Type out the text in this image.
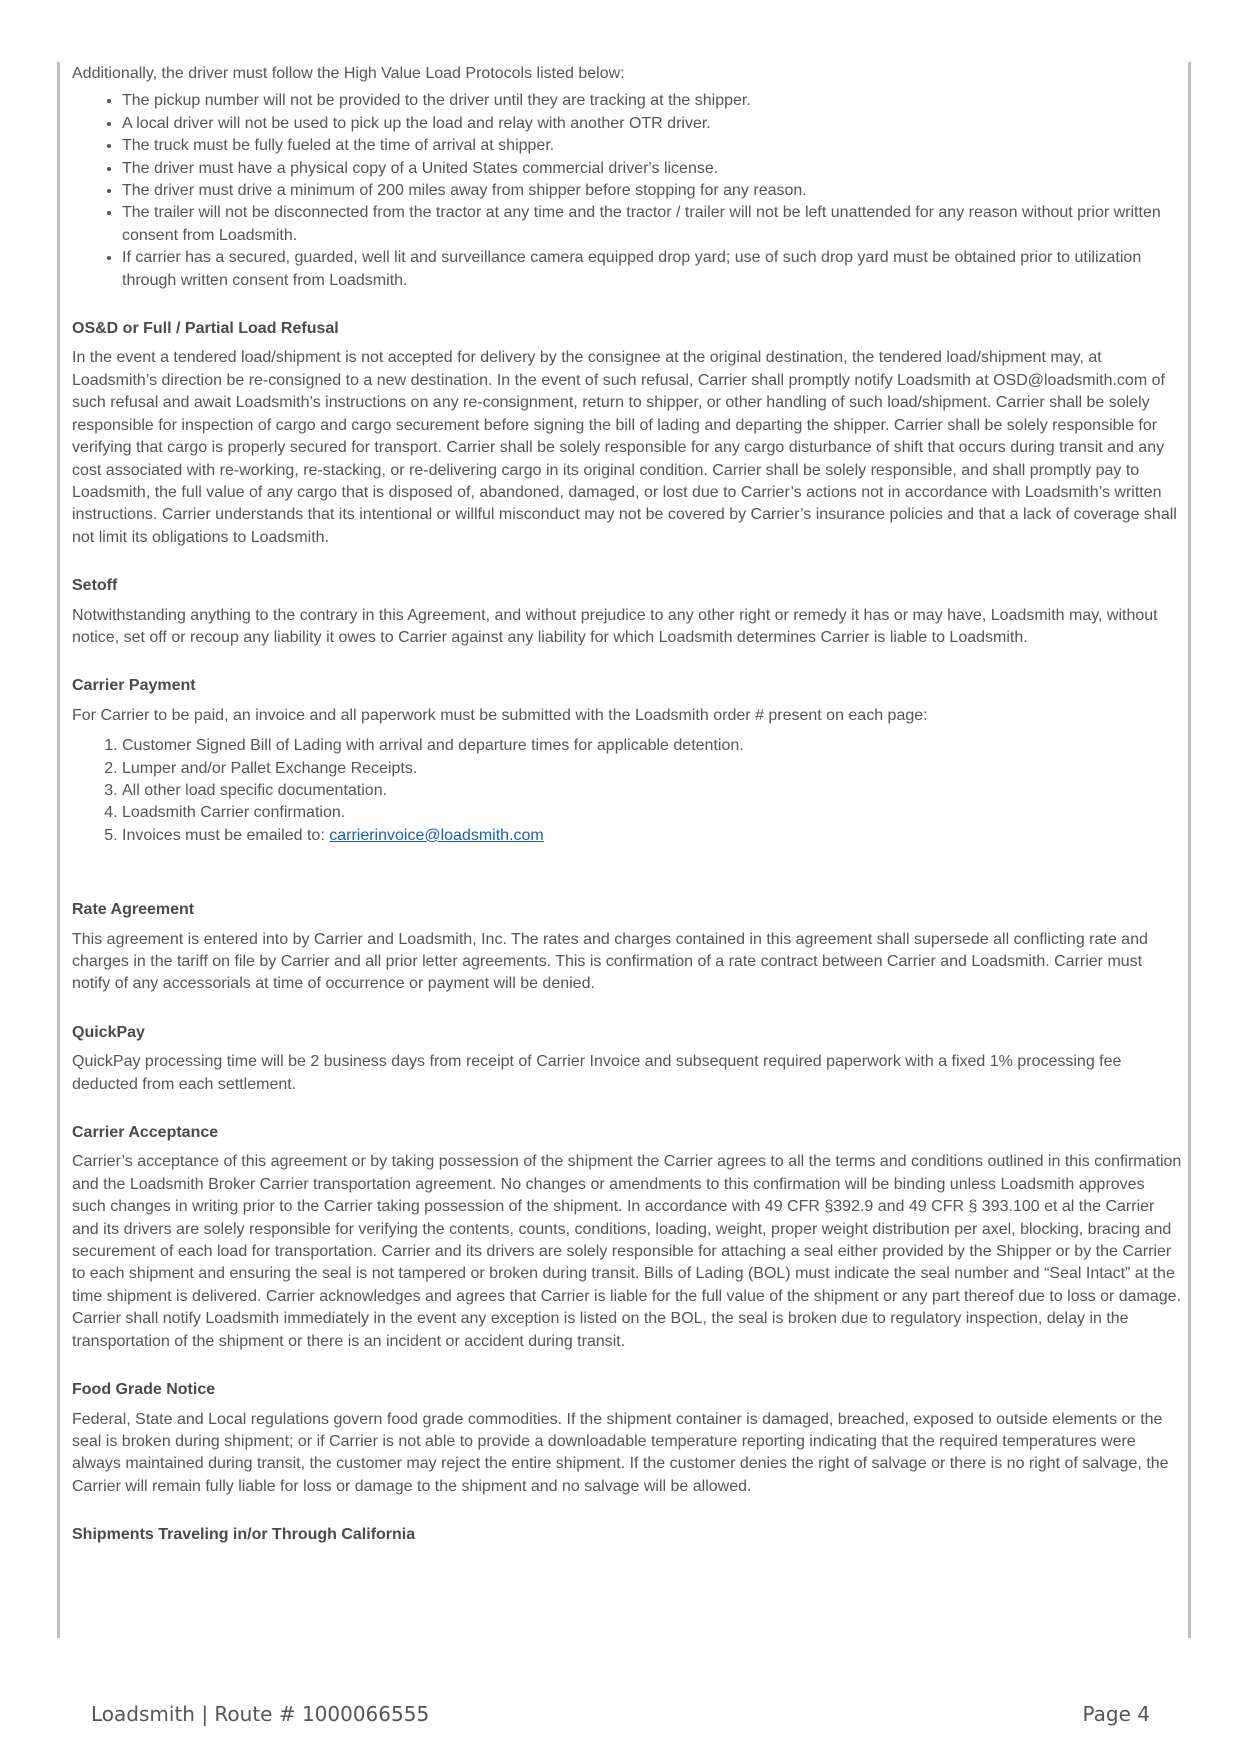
Additionally, the driver must follow the High Value Load Protocols listed below:

• The pickup number will not be provided to the driver until they are tracking at the shipper.
• A local driver will not be used to pick up the load and relay with another OTR driver.
• The truck must be fully fueled at the time of arrival at shipper.
• The driver must have a physical copy of a United States commercial driver's license.
• The driver must drive a minimum of 200 miles away from shipper before stopping for any reason.
• The trailer will not be disconnected from the tractor at any time and the tractor / trailer will not be left unattended for any reason without prior written consent from Loadsmith.
• If carrier has a secured, guarded, well lit and surveillance camera equipped drop yard; use of such drop yard must be obtained prior to utilization through written consent from Loadsmith.
OS&D or Full / Partial Load Refusal

In the event a tendered load/shipment is not accepted for delivery by the consignee at the original destination, the tendered load/shipment may, at Loadsmith’s direction be re-consigned to a new destination. In the event of such refusal, Carrier shall promptly notify Loadsmith at OSD@loadsmith.com of such refusal and await Loadsmith’s instructions on any re-consignment, return to shipper, or other handling of such load/shipment. Carrier shall be solely responsible for inspection of cargo and cargo securement before signing the bill of lading and departing the shipper. Carrier shall be solely responsible for verifying that cargo is properly secured for transport. Carrier shall be solely responsible for any cargo disturbance of shift that occurs during transit and any cost associated with re-working, re-stacking, or re-delivering cargo in its original condition. Carrier shall be solely responsible, and shall promptly pay to Loadsmith, the full value of any cargo that is disposed of, abandoned, damaged, or lost due to Carrier’s actions not in accordance with Loadsmith’s written instructions. Carrier understands that its intentional or willful misconduct may not be covered by Carrier’s insurance policies and that a lack of coverage shall not limit its obligations to Loadsmith.

Setoff

Notwithstanding anything to the contrary in this Agreement, and without prejudice to any other right or remedy it has or may have, Loadsmith may, without notice, set off or recoup any liability it owes to Carrier against any liability for which Loadsmith determines Carrier is liable to Loadsmith.

Carrier Payment

For Carrier to be paid, an invoice and all paperwork must be submitted with the Loadsmith order # present on each page:

1. Customer Signed Bill of Lading with arrival and departure times for applicable detention.
2. Lumper and/or Pallet Exchange Receipts.
3. All other load specific documentation.
4. Loadsmith Carrier confirmation.
5. Invoices must be emailed to: carrierinvoice@loadsmith.com
Rate Agreement

This agreement is entered into by Carrier and Loadsmith, Inc. The rates and charges contained in this agreement shall supersede all conflicting rate and charges in the tariff on file by Carrier and all prior letter agreements. This is confirmation of a rate contract between Carrier and Loadsmith. Carrier must notify of any accessorials at time of occurrence or payment will be denied.

QuickPay

QuickPay processing time will be 2 business days from receipt of Carrier Invoice and subsequent required paperwork with a fixed 1% processing fee deducted from each settlement.

Carrier Acceptance

Carrier’s acceptance of this agreement or by taking possession of the shipment the Carrier agrees to all the terms and conditions outlined in this confirmation and the Loadsmith Broker Carrier transportation agreement. No changes or amendments to this confirmation will be binding unless Loadsmith approves such changes in writing prior to the Carrier taking possession of the shipment. In accordance with 49 CFR §392.9 and 49 CFR § 393.100 et al the Carrier and its drivers are solely responsible for verifying the contents, counts, conditions, loading, weight, proper weight distribution per axel, blocking, bracing and securement of each load for transportation. Carrier and its drivers are solely responsible for attaching a seal either provided by the Shipper or by the Carrier to each shipment and ensuring the seal is not tampered or broken during transit. Bills of Lading (BOL) must indicate the seal number and “Seal Intact” at the time shipment is delivered. Carrier acknowledges and agrees that Carrier is liable for the full value of the shipment or any part thereof due to loss or damage. Carrier shall notify Loadsmith immediately in the event any exception is listed on the BOL, the seal is broken due to regulatory inspection, delay in the transportation of the shipment or there is an incident or accident during transit.

Food Grade Notice

Federal, State and Local regulations govern food grade commodities. If the shipment container is damaged, breached, exposed to outside elements or the seal is broken during shipment; or if Carrier is not able to provide a downloadable temperature reporting indicating that the required temperatures were always maintained during transit, the customer may reject the entire shipment. If the customer denies the right of salvage or there is no right of salvage, the Carrier will remain fully liable for loss or damage to the shipment and no salvage will be allowed.

Shipments Traveling in/or Through California
Loadsmith | Route # 1000066555	Page 4
